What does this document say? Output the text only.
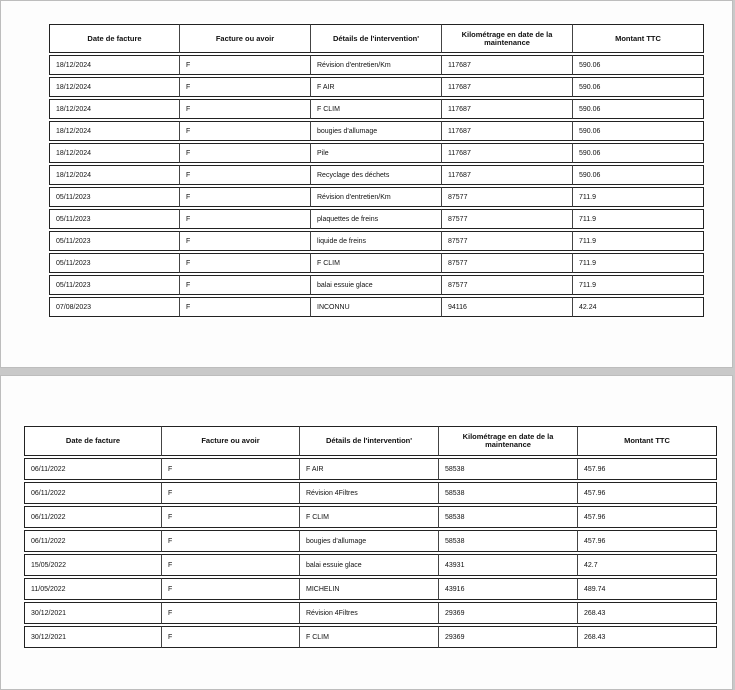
Date de facture	Facture ou avoir	Détails de l'intervention'	Kilométrage en date de la maintenance	Montant TTC
18/12/2024	F	Révision d'entretien/Km	117687	590.06
18/12/2024	F	F AIR	117687	590.06
18/12/2024	F	F CLIM	117687	590.06
18/12/2024	F	bougies d'allumage	117687	590.06
18/12/2024	F	Pile	117687	590.06
18/12/2024	F	Recyclage des déchets	117687	590.06
05/11/2023	F	Révision d'entretien/Km	87577	711.9
05/11/2023	F	plaquettes de freins	87577	711.9
05/11/2023	F	liquide de freins	87577	711.9
05/11/2023	F	F CLIM	87577	711.9
05/11/2023	F	balai essuie glace	87577	711.9
07/08/2023	F	INCONNU	94116	42.24
Date de facture	Facture ou avoir	Détails de l'intervention'	Kilométrage en date de la maintenance	Montant TTC
06/11/2022	F	F AIR	58538	457.96
06/11/2022	F	Révision 4Filtres	58538	457.96
06/11/2022	F	F CLIM	58538	457.96
06/11/2022	F	bougies d'allumage	58538	457.96
15/05/2022	F	balai essuie glace	43931	42.7
11/05/2022	F	MICHELIN	43916	489.74
30/12/2021	F	Révision 4Filtres	29369	268.43
30/12/2021	F	F CLIM	29369	268.43
